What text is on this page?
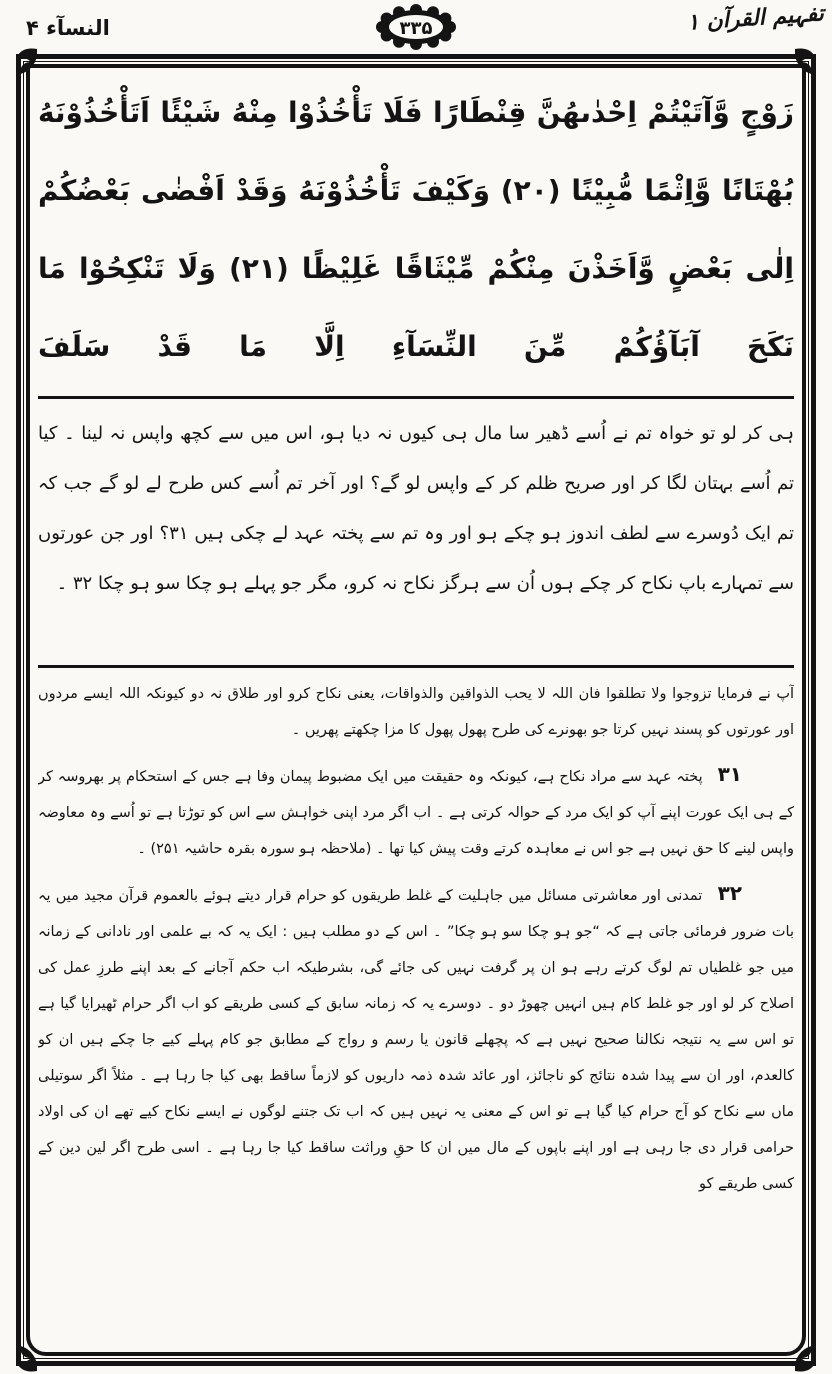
النسآء ۴	۳۳۵	تفہیم القرآن ۱
زَوْجٍ وَّآتَيْتُمْ اِحْدٰىهُنَّ قِنْطَارًا فَلَا تَأْخُذُوْا مِنْهُ شَيْئًا اَتَأْخُذُوْنَهُ بُهْتَانًا وَّاِثْمًا مُّبِيْنًا (۲۰) وَكَيْفَ تَأْخُذُوْنَهُ وَقَدْ اَفْضٰى بَعْضُكُمْ اِلٰى بَعْضٍ وَّاَخَذْنَ مِنْكُمْ مِّيْثَاقًا غَلِيْظًا (۲۱) وَلَا تَنْكِحُوْا مَا نَكَحَ آبَآؤُكُمْ مِّنَ النِّسَآءِ اِلَّا مَا قَدْ سَلَفَ

ہی کر لو تو خواہ تم نے اُسے ڈھیر سا مال ہی کیوں نہ دیا ہو، اس میں سے کچھ واپس نہ لینا ۔ کیا تم اُسے بہتان لگا کر اور صریح ظلم کر کے واپس لو گے؟ اور آخر تم اُسے کس طرح لے لو گے جب کہ تم ایک دُوسرے سے لطف اندوز ہو چکے ہو اور وہ تم سے پختہ عہد لے چکی ہیں ۳۱؟ اور جن عورتوں سے تمہارے باپ نکاح کر چکے ہوں اُن سے ہرگز نکاح نہ کرو، مگر جو پہلے ہو چکا سو ہو چکا ۳۲ ۔

آپ نے فرمایا تزوجوا ولا تطلقوا فان اللہ لا یحب الذواقین والذواقات، یعنی نکاح کرو اور طلاق نہ دو کیونکہ اللہ ایسے مردوں اور عورتوں کو پسند نہیں کرتا جو بھونرے کی طرح پھول پھول کا مزا چکھتے پھریں ۔

۳۱ پختہ عہد سے مراد نکاح ہے، کیونکہ وہ حقیقت میں ایک مضبوط پیمان وفا ہے جس کے استحکام پر بھروسہ کر کے ہی ایک عورت اپنے آپ کو ایک مرد کے حوالہ کرتی ہے ۔ اب اگر مرد اپنی خواہش سے اس کو توڑتا ہے تو اُسے وہ معاوضہ واپس لینے کا حق نہیں ہے جو اس نے معاہدہ کرتے وقت پیش کیا تھا ۔ (ملاحظہ ہو سورہ بقرہ حاشیہ ۲۵۱) ۔

۳۲ تمدنی اور معاشرتی مسائل میں جاہلیت کے غلط طریقوں کو حرام قرار دیتے ہوئے بالعموم قرآن مجید میں یہ بات ضرور فرمائی جاتی ہے کہ “جو ہو چکا سو ہو چکا” ۔ اس کے دو مطلب ہیں : ایک یہ کہ بے علمی اور نادانی کے زمانہ میں جو غلطیاں تم لوگ کرتے رہے ہو ان پر گرفت نہیں کی جائے گی، بشرطیکہ اب حکم آجانے کے بعد اپنے طرزِ عمل کی اصلاح کر لو اور جو غلط کام ہیں انہیں چھوڑ دو ۔ دوسرے یہ کہ زمانہ سابق کے کسی طریقے کو اب اگر حرام ٹھیرایا گیا ہے تو اس سے یہ نتیجہ نکالنا صحیح نہیں ہے کہ پچھلے قانون یا رسم و رواج کے مطابق جو کام پہلے کیے جا چکے ہیں ان کو کالعدم، اور ان سے پیدا شدہ نتائج کو ناجائز، اور عائد شدہ ذمہ داریوں کو لازماً ساقط بھی کیا جا رہا ہے ۔ مثلاً اگر سوتیلی ماں سے نکاح کو آج حرام کیا گیا ہے تو اس کے معنی یہ نہیں ہیں کہ اب تک جتنے لوگوں نے ایسے نکاح کیے تھے ان کی اولاد حرامی قرار دی جا رہی ہے اور اپنے باپوں کے مال میں ان کا حقِ وراثت ساقط کیا جا رہا ہے ۔ اسی طرح اگر لین دین کے کسی طریقے کو
